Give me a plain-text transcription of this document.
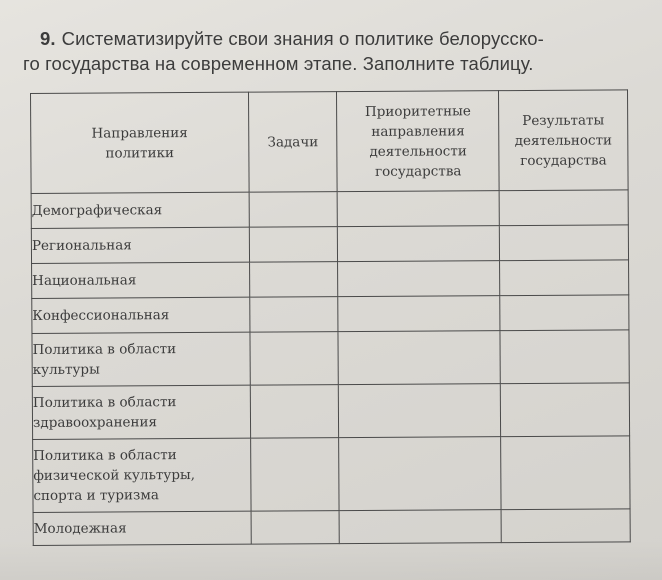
9. Систематизируйте свои знания о политике белорусско-
го государства на современном этапе. Заполните таблицу.
Направления политики	Задачи	Приоритетные направления деятельности государства	Результаты деятельности государства

Демографическая			
Региональная			
Национальная			
Конфессиональная			

Политика в области культуры			

Политика в области здравоохранения			

Политика в области физической культуры, спорта и туризма			

Молодежная			
